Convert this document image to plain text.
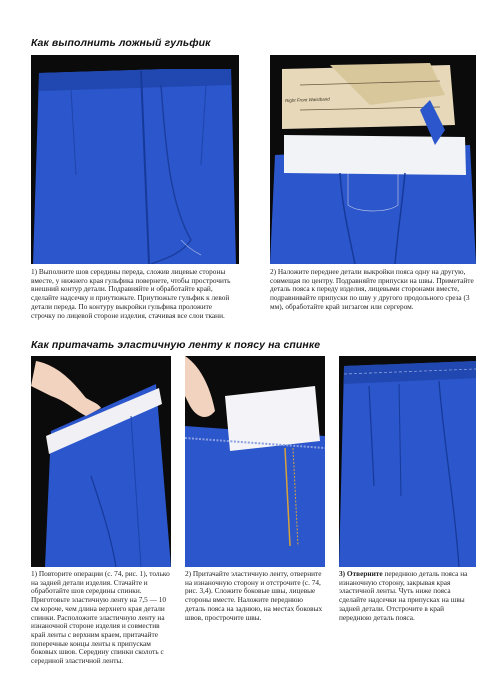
Как выполнить ложный гульфик
Right Front Waistband
1) Выполните шов середины переда, сложив лицевые стороны вместе, у нижнего края гульфика повернете, чтобы прострочить внешний контур детали. Подравняйте и обработайте край, сделайте надсечку и приутюжьте. Приутюжьте гульфик к левой детали переда. По контуру выкройки гульфика проложите строчку по лицевой стороне изделия, стачивая все слои ткани.
2) Наложите переднее детали выкройки пояса одну на другую, совмещая по центру. Подравняйте припуски на швы. Приметайте деталь пояса к переду изделия, лицевыми сторонами вместе, подравнивайте припуски по шву у другого продольного среза (3 мм), обработайте край зигзагом или сергером.
Как притачать эластичную ленту к поясу на спинке
1) Повторите операции (с. 74, рис. 1), только на задней детали изделия. Стачайте и обработайте шов середины спинки. Приготовьте эластичную ленту на 7,5 — 10 см короче, чем длина верхнего края детали спинки. Расположите эластичную ленту на изнаночной стороне изделия и совместив край ленты с верхним краем, притачайте поперечные концы ленты к припускам боковых швов. Середину спинки сколоть с серединой эластичной ленты.
2) Притачайте эластичную ленту, отверните на изнаночную сторону и отстрочите (с. 74, рис. 3,4). Сложите боковые швы, лицевые стороны вместе. Наложите переднюю деталь пояса на заднюю, на местах боковых швов, прострочите швы.
3) Отверните переднюю деталь пояса на изнаночную сторону, закрывая края эластичной ленты. Чуть ниже пояса сделайте надсечки на припусках на швы задней детали. Отстрочите в край переднюю деталь пояса.
